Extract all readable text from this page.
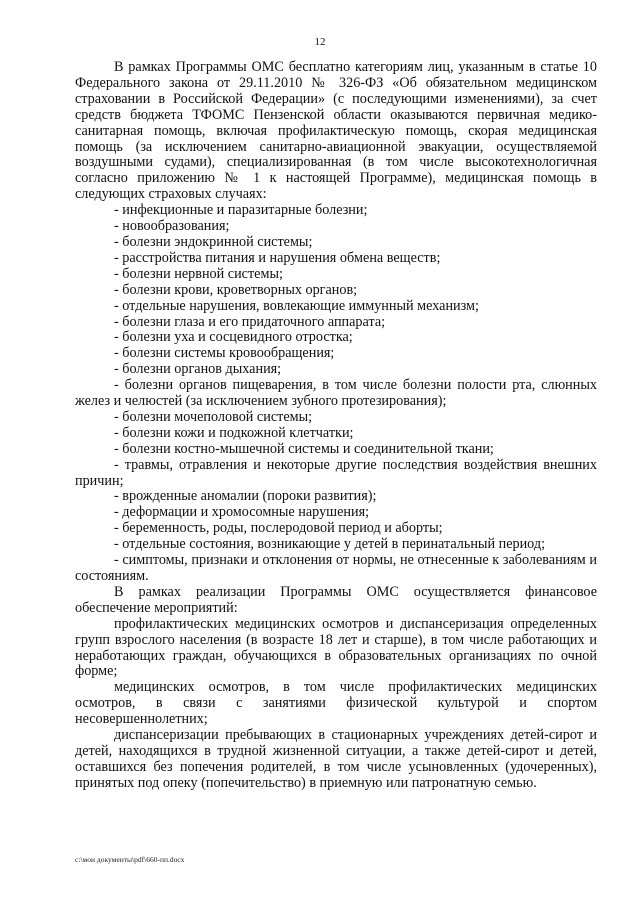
12

В рамках Программы ОМС бесплатно категориям лиц, указанным в статье 10 Федерального закона от 29.11.2010 № 326-ФЗ «Об обязательном медицинском страховании в Российской Федерации» (с последующими изменениями), за счет средств бюджета ТФОМС Пензенской области оказываются первичная медико-санитарная помощь, включая профилактическую помощь, скорая медицинская помощь (за исключением санитарно-авиационной эвакуации, осуществляемой воздушными судами), специализированная (в том числе высокотехнологичная согласно приложению № 1 к настоящей Программе), медицинская помощь в следующих страховых случаях:

- инфекционные и паразитарные болезни;

- новообразования;

- болезни эндокринной системы;

- расстройства питания и нарушения обмена веществ;

- болезни нервной системы;

- болезни крови, кроветворных органов;

- отдельные нарушения, вовлекающие иммунный механизм;

- болезни глаза и его придаточного аппарата;

- болезни уха и сосцевидного отростка;

- болезни системы кровообращения;

- болезни органов дыхания;

- болезни органов пищеварения, в том числе болезни полости рта, слюнных желез и челюстей (за исключением зубного протезирования);

- болезни мочеполовой системы;

- болезни кожи и подкожной клетчатки;

- болезни костно-мышечной системы и соединительной ткани;

- травмы, отравления и некоторые другие последствия воздействия внешних причин;

- врожденные аномалии (пороки развития);

- деформации и хромосомные нарушения;

- беременность, роды, послеродовой период и аборты;

- отдельные состояния, возникающие у детей в перинатальный период;

- симптомы, признаки и отклонения от нормы, не отнесенные к заболеваниям и состояниям.

В рамках реализации Программы ОМС осуществляется финансовое обеспечение мероприятий:

профилактических медицинских осмотров и диспансеризация определенных групп взрослого населения (в возрасте 18 лет и старше), в том числе работающих и неработающих граждан, обучающихся в образовательных организациях по очной форме;

медицинских осмотров, в том числе профилактических медицинских осмотров, в связи с занятиями физической культурой и спортом несовершеннолетних;

диспансеризации пребывающих в стационарных учреждениях детей-сирот и детей, находящихся в трудной жизненной ситуации, а также детей-сирот и детей, оставшихся без попечения родителей, в том числе усыновленных (удочеренных), принятых под опеку (попечительство) в приемную или патронатную семью.

c:\мои документы\pdf\660-пп.docx
